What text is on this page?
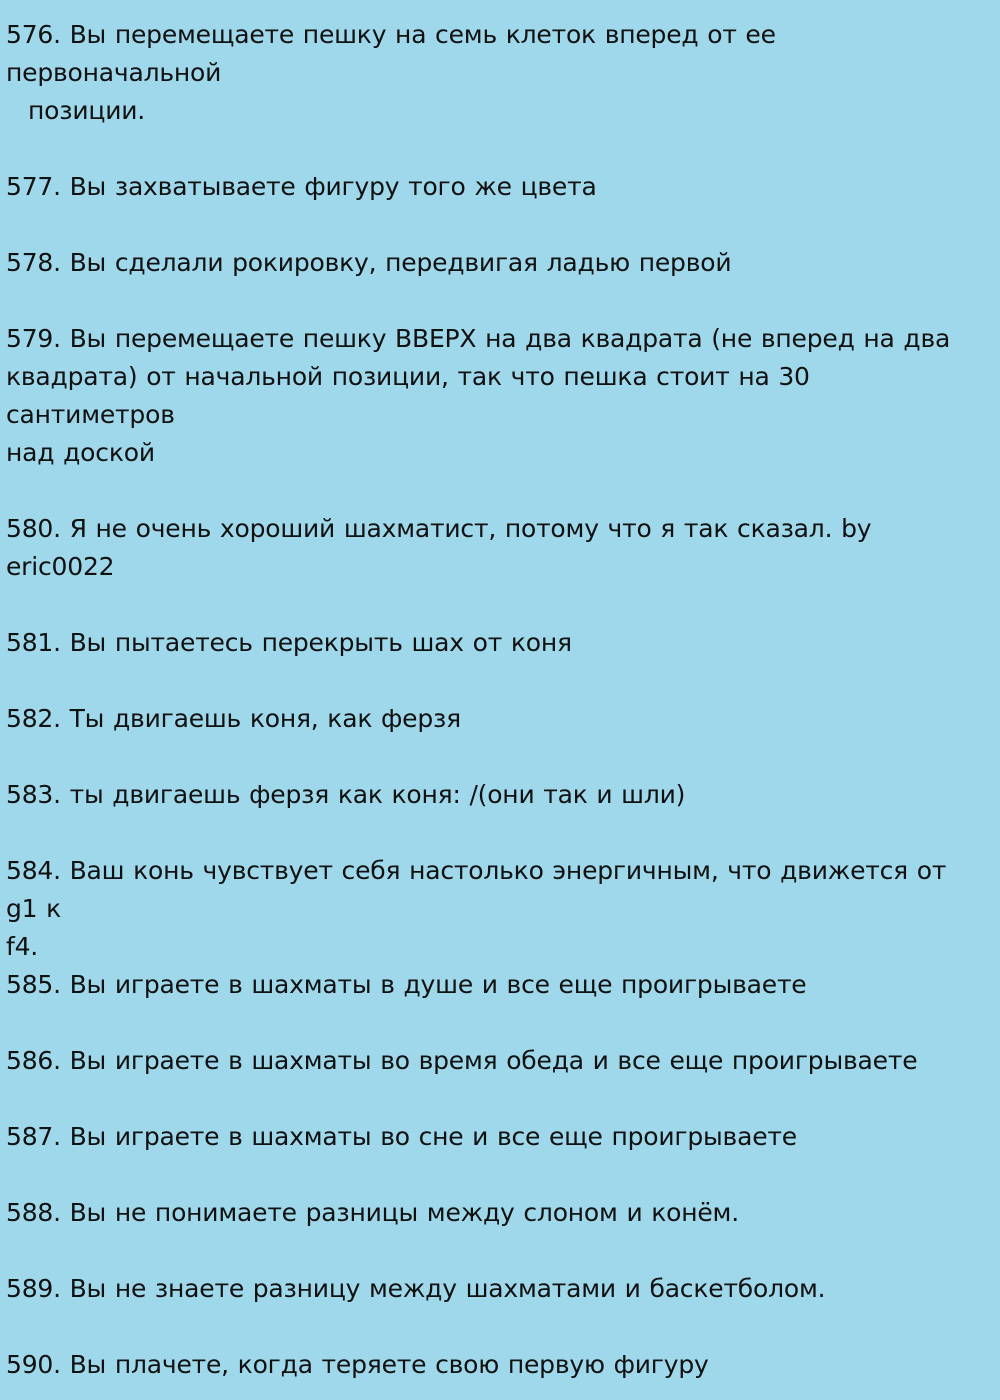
576. Вы перемещаете пешку на семь клеток вперед от ее первоначальной
позиции.
577. Вы захватываете фигуру того же цвета
578. Вы сделали рокировку, передвигая ладью первой
579. Вы перемещаете пешку ВВЕРХ на два квадрата (не вперед на два
квадрата) от начальной позиции, так что пешка стоит на 30 сантиметров
над доской
580. Я не очень хороший шахматист, потому что я так сказал. by eric0022
581. Вы пытаетесь перекрыть шах от коня
582. Ты двигаешь коня, как ферзя
583. ты двигаешь ферзя как коня: /(они так и шли)
584. Ваш конь чувствует себя настолько энергичным, что движется от g1 к
f4.
585. Вы играете в шахматы в душе и все еще проигрываете
586. Вы играете в шахматы во время обеда и все еще проигрываете
587. Вы играете в шахматы во сне и все еще проигрываете
588. Вы не понимаете разницы между слоном и конём.
589. Вы не знаете разницу между шахматами и баскетболом.
590. Вы плачете, когда теряете свою первую фигуру
